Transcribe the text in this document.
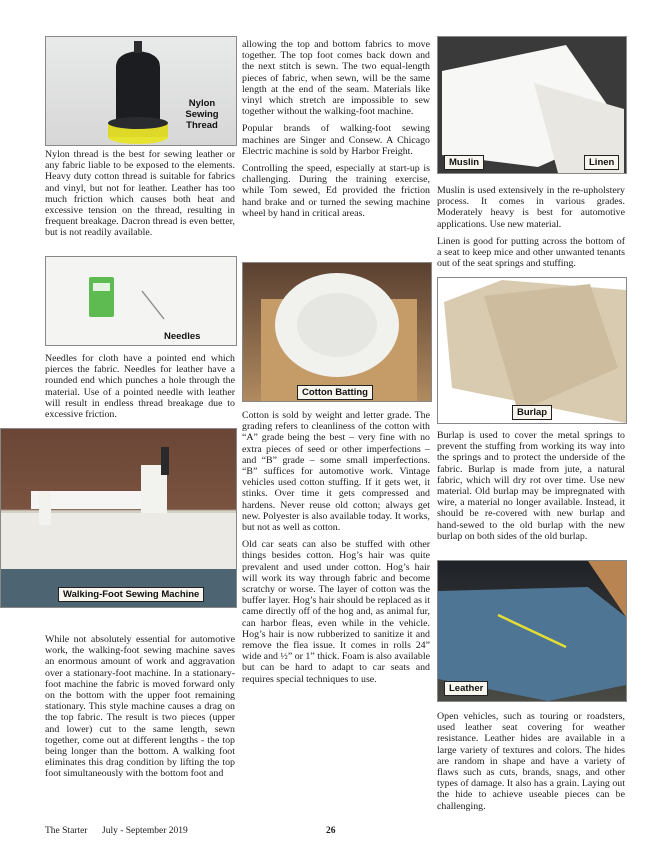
Nylon Sewing Thread

Nylon thread is the best for sewing leather or any fabric liable to be exposed to the elements. Heavy duty cotton thread is suitable for fabrics and vinyl, but not for leather. Leather has too much friction which causes both heat and excessive tension on the thread, resulting in frequent breakage. Dacron thread is even better, but is not readily available.

Needles

Needles for cloth have a pointed end which pierces the fabric. Needles for leather have a rounded end which punches a hole through the material. Use of a pointed needle with leather will result in endless thread breakage due to excessive friction.

Walking-Foot Sewing Machine

While not absolutely essential for automotive work, the walking-foot sewing machine saves an enormous amount of work and aggravation over a stationary-foot machine. In a stationary-foot machine the fabric is moved forward only on the bottom with the upper foot remaining stationary. This style machine causes a drag on the top fabric. The result is two pieces (upper and lower) cut to the same length, sewn together, come out at different lengths - the top being longer than the bottom. A walking foot eliminates this drag condition by lifting the top foot simultaneously with the bottom foot and

allowing the top and bottom fabrics to move together. The top foot comes back down and the next stitch is sewn. The two equal-length pieces of fabric, when sewn, will be the same length at the end of the seam. Materials like vinyl which stretch are impossible to sew together without the walking-foot machine.

Popular brands of walking-foot sewing machines are Singer and Consew. A Chicago Electric machine is sold by Harbor Freight.

Controlling the speed, especially at start-up is challenging. During the training exercise, while Tom sewed, Ed provided the friction hand brake and or turned the sewing machine wheel by hand in critical areas.

Cotton Batting

Cotton is sold by weight and letter grade. The grading refers to cleanliness of the cotton with “A” grade being the best – very fine with no extra pieces of seed or other imperfections – and “B” grade – some small imperfections. “B” suffices for automotive work. Vintage vehicles used cotton stuffing. If it gets wet, it stinks. Over time it gets compressed and hardens. Never reuse old cotton; always get new. Polyester is also available today. It works, but not as well as cotton.

Old car seats can also be stuffed with other things besides cotton. Hog’s hair was quite prevalent and used under cotton. Hog’s hair will work its way through fabric and become scratchy or worse. The layer of cotton was the buffer layer. Hog’s hair should be replaced as it came directly off of the hog and, as animal fur, can harbor fleas, even while in the vehicle. Hog’s hair is now rubberized to sanitize it and remove the flea issue. It comes in rolls 24” wide and ½” or 1” thick. Foam is also available but can be hard to adapt to car seats and requires special techniques to use.

Muslin	Linen

Muslin is used extensively in the re-upholstery process. It comes in various grades. Moderately heavy is best for automotive applications. Use new material.

Linen is good for putting across the bottom of a seat to keep mice and other unwanted tenants out of the seat springs and stuffing.

Burlap

Burlap is used to cover the metal springs to prevent the stuffing from working its way into the springs and to protect the underside of the fabric. Burlap is made from jute, a natural fabric, which will dry rot over time. Use new material. Old burlap may be impregnated with wire, a material no longer available. Instead, it should be re-covered with new burlap and hand-sewed to the old burlap with the new burlap on both sides of the old burlap.

Leather

Open vehicles, such as touring or roadsters, used leather seat covering for weather resistance. Leather hides are available in a large variety of textures and colors. The hides are random in shape and have a variety of flaws such as cuts, brands, snags, and other types of damage. It also has a grain. Laying out the hide to achieve useable pieces can be challenging.

The Starter July - September 2019	26
